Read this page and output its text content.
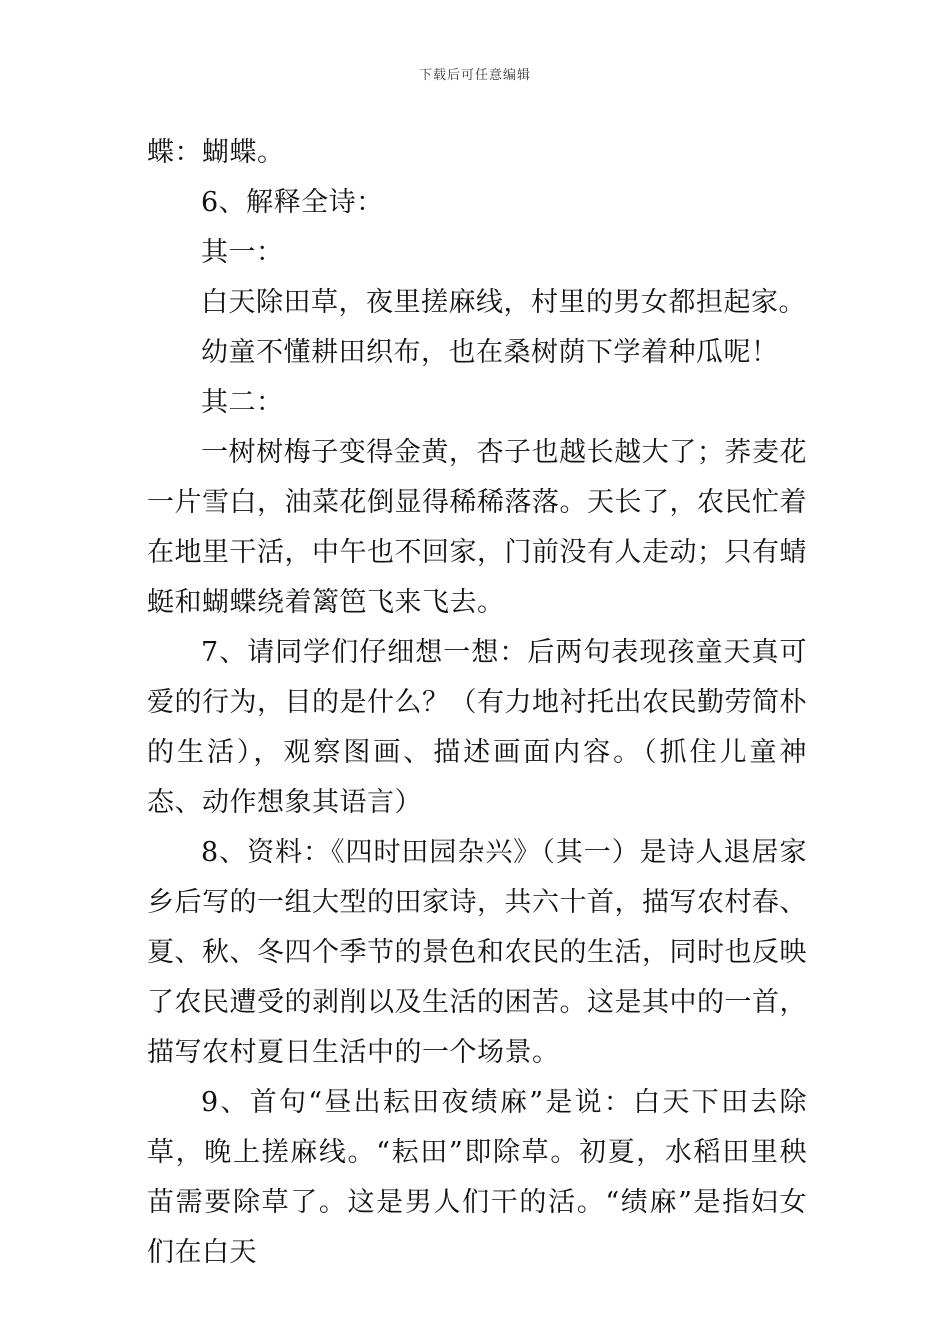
下载后可任意编辑

蝶：蝴蝶。

6、解释全诗：

其一：

白天除田草，夜里搓麻线，村里的男女都担起家。

幼童不懂耕田织布，也在桑树荫下学着种瓜呢！

其二：

一树树梅子变得金黄，杏子也越长越大了；荞麦花一片雪白，油菜花倒显得稀稀落落。天长了，农民忙着在地里干活，中午也不回家，门前没有人走动；只有蜻蜓和蝴蝶绕着篱笆飞来飞去。

7、请同学们仔细想一想：后两句表现孩童天真可爱的行为，目的是什么？（有力地衬托出农民勤劳简朴的生活），观察图画、描述画面内容。（抓住儿童神态、动作想象其语言）

8、资料：《四时田园杂兴》（其一）是诗人退居家乡后写的一组大型的田家诗，共六十首，描写农村春、夏、秋、冬四个季节的景色和农民的生活，同时也反映了农民遭受的剥削以及生活的困苦。这是其中的一首，描写农村夏日生活中的一个场景。

9、首句“昼出耘田夜绩麻”是说：白天下田去除草，晚上搓麻线。“耘田”即除草。初夏，水稻田里秧苗需要除草了。这是男人们干的活。“绩麻”是指妇女们在白天
